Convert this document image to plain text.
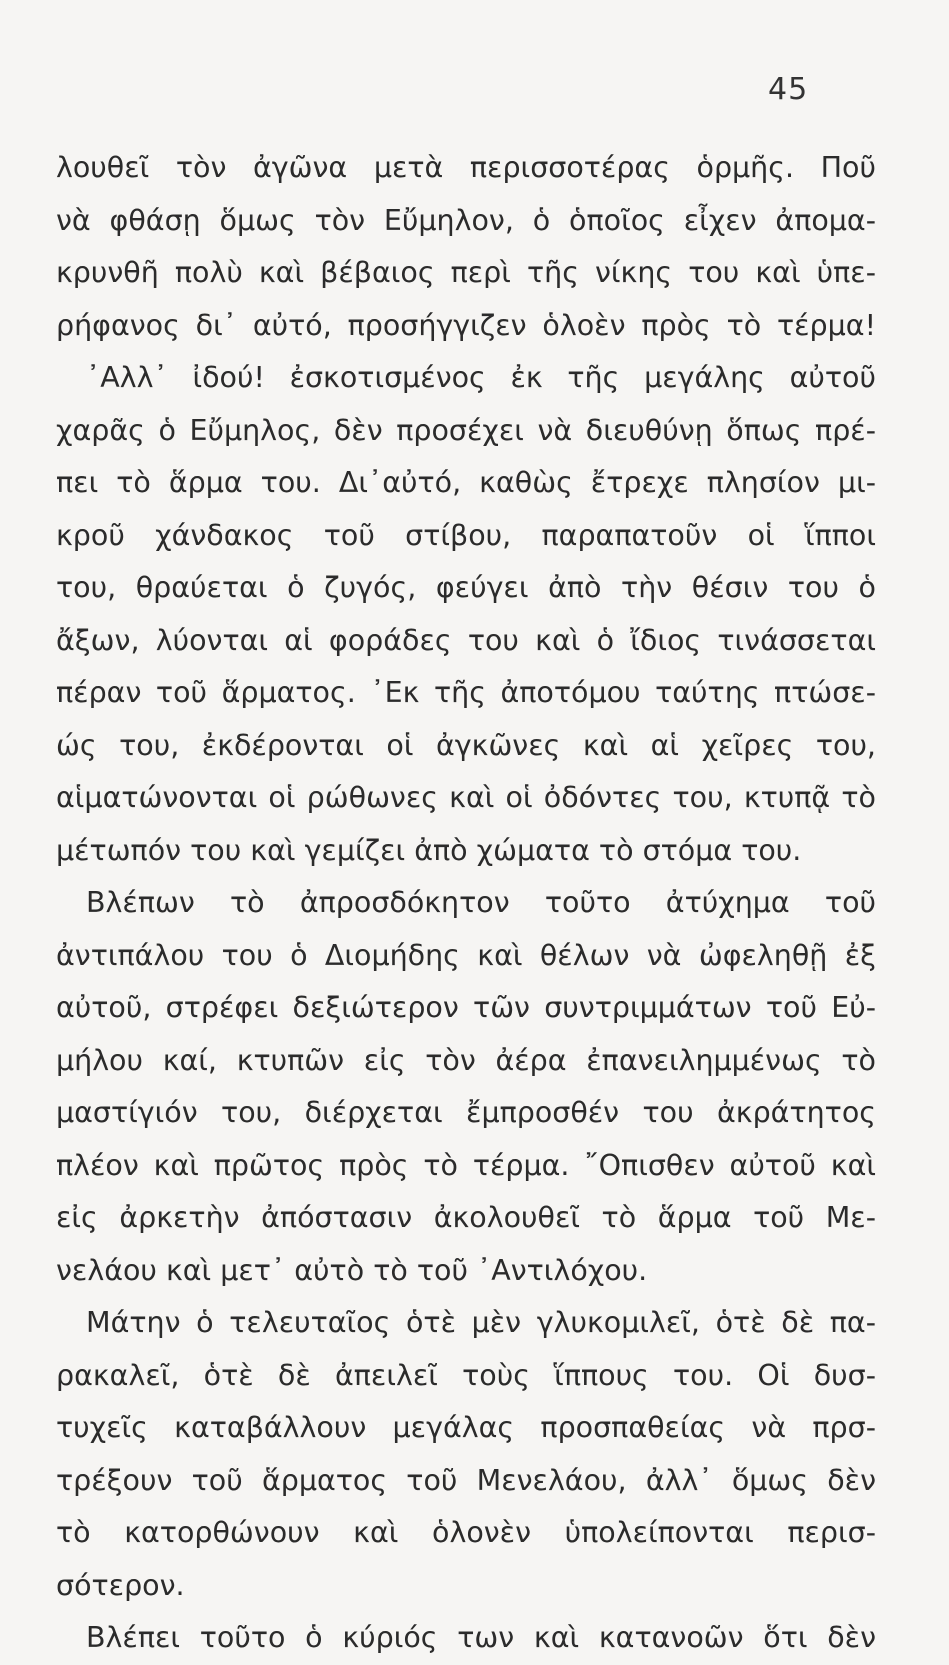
45
λουθεῖ τὸν ἀγῶνα μετὰ περισσοτέρας ὁρμῆς. Ποῦ
νὰ φθάσῃ ὅμως τὸν Εὔμηλον, ὁ ὁποῖος εἶχεν ἀπομα-
κρυνθῆ πολὺ καὶ βέβαιος περὶ τῆς νίκης του καὶ ὑπε-
ρήφανος δι᾽ αὐτό, προσήγγιζεν ὁλοὲν πρὸς τὸ τέρμα!
᾽Αλλ᾽ ἰδού! ἐσκοτισμένος ἐκ τῆς μεγάλης αὐτοῦ
χαρᾶς ὁ Εὔμηλος, δὲν προσέχει νὰ διευθύνῃ ὅπως πρέ-
πει τὸ ἅρμα του. Δι᾽αὐτό, καθὼς ἔτρεχε πλησίον μι-
κροῦ χάνδακος τοῦ στίβου, παραπατοῦν οἱ ἵπποι
του, θραύεται ὁ ζυγός, φεύγει ἀπὸ τὴν θέσιν του ὁ
ἄξων, λύονται αἱ φοράδες του καὶ ὁ ἴδιος τινάσσεται
πέραν τοῦ ἅρματος. ᾽Εκ τῆς ἀποτόμου ταύτης πτώσε-
ώς του, ἐκδέρονται οἱ ἀγκῶνες καὶ αἱ χεῖρες του,
αἱματώνονται οἱ ρώθωνες καὶ οἱ ὀδόντες του, κτυπᾷ τὸ
μέτωπόν του καὶ γεμίζει ἀπὸ χώματα τὸ στόμα του.
Βλέπων τὸ ἀπροσδόκητον τοῦτο ἀτύχημα τοῦ
ἀντιπάλου του ὁ Διομήδης καὶ θέλων νὰ ὠφεληθῇ ἐξ
αὐτοῦ, στρέφει δεξιώτερον τῶν συντριμμάτων τοῦ Εὐ-
μήλου καί, κτυπῶν εἰς τὸν ἀέρα ἐπανειλημμένως τὸ
μαστίγιόν του, διέρχεται ἔμπροσθέν του ἀκράτητος
πλέον καὶ πρῶτος πρὸς τὸ τέρμα. ῎Οπισθεν αὐτοῦ καὶ
εἰς ἀρκετὴν ἀπόστασιν ἀκολουθεῖ τὸ ἅρμα τοῦ Με-
νελάου καὶ μετ᾽ αὐτὸ τὸ τοῦ ᾽Αντιλόχου.
Μάτην ὁ τελευταῖος ὁτὲ μὲν γλυκομιλεῖ, ὁτὲ δὲ πα-
ρακαλεῖ, ὁτὲ δὲ ἀπειλεῖ τοὺς ἵππους του. Οἱ δυσ-
τυχεῖς καταβάλλουν μεγάλας προσπαθείας νὰ πρσ-
τρέξουν τοῦ ἅρματος τοῦ Μενελάου, ἀλλ᾽ ὅμως δὲν
τὸ κατορθώνουν καὶ ὁλονὲν ὑπολείπονται περισ-
σότερον.
Βλέπει τοῦτο ὁ κύριός των καὶ κατανοῶν ὅτι δὲν
